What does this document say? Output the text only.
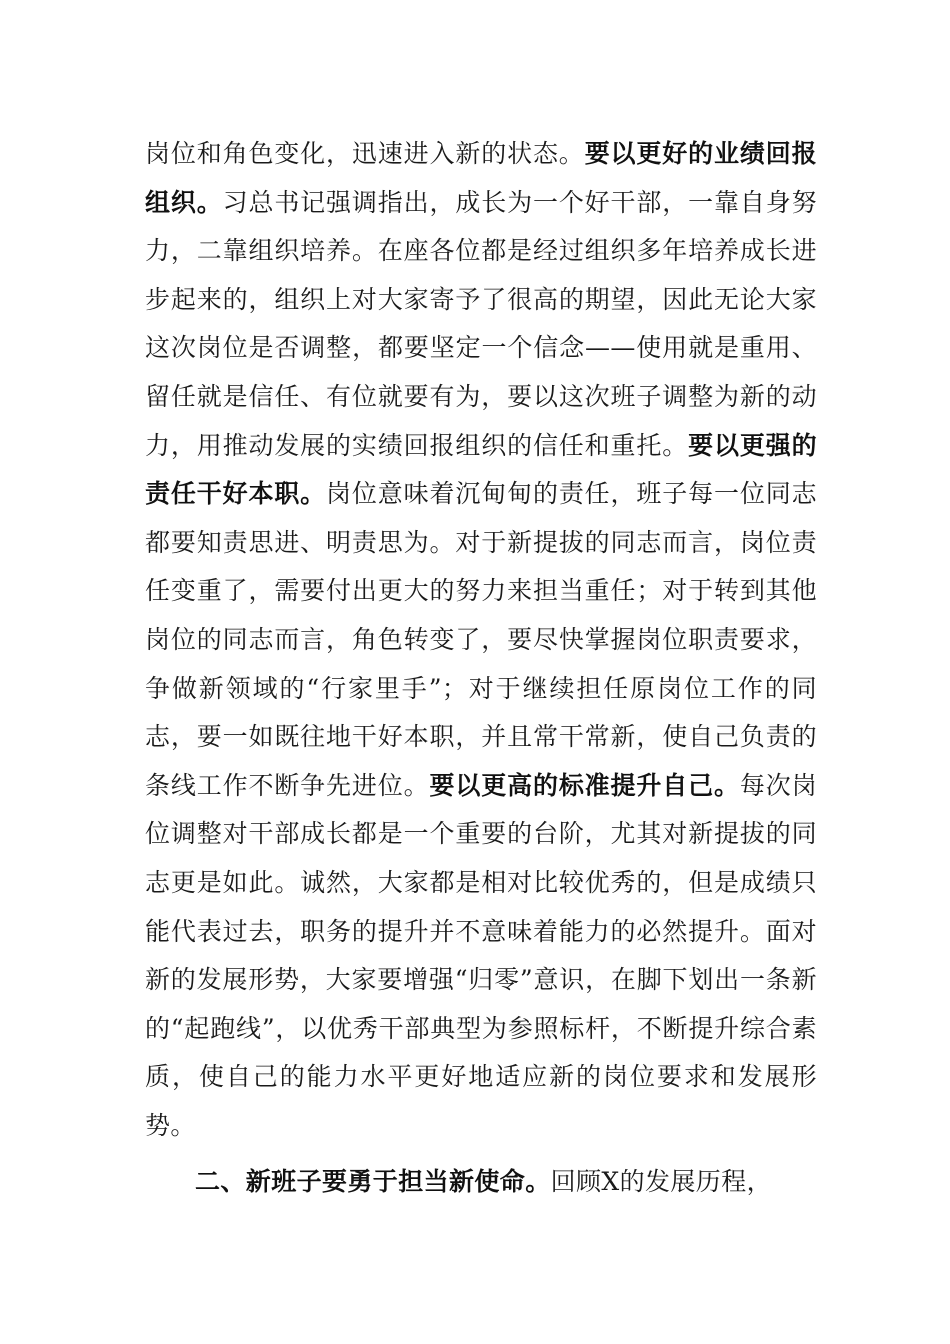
岗位和角色变化，迅速进入新的状态。要以更好的业绩回报组织。习总书记强调指出，成长为一个好干部，一靠自身努力，二靠组织培养。在座各位都是经过组织多年培养成长进步起来的，组织上对大家寄予了很高的期望，因此无论大家这次岗位是否调整，都要坚定一个信念——使用就是重用、留任就是信任、有位就要有为，要以这次班子调整为新的动力，用推动发展的实绩回报组织的信任和重托。要以更强的责任干好本职。岗位意味着沉甸甸的责任，班子每一位同志都要知责思进、明责思为。对于新提拔的同志而言，岗位责任变重了，需要付出更大的努力来担当重任；对于转到其他岗位的同志而言，角色转变了，要尽快掌握岗位职责要求，争做新领域的“行家里手”；对于继续担任原岗位工作的同志，要一如既往地干好本职，并且常干常新，使自己负责的条线工作不断争先进位。要以更高的标准提升自己。每次岗位调整对干部成长都是一个重要的台阶，尤其对新提拔的同志更是如此。诚然，大家都是相对比较优秀的，但是成绩只能代表过去，职务的提升并不意味着能力的必然提升。面对新的发展形势，大家要增强“归零”意识，在脚下划出一条新的“起跑线”，以优秀干部典型为参照标杆，不断提升综合素质，使自己的能力水平更好地适应新的岗位要求和发展形势。

二、新班子要勇于担当新使命。回顾X的发展历程，
